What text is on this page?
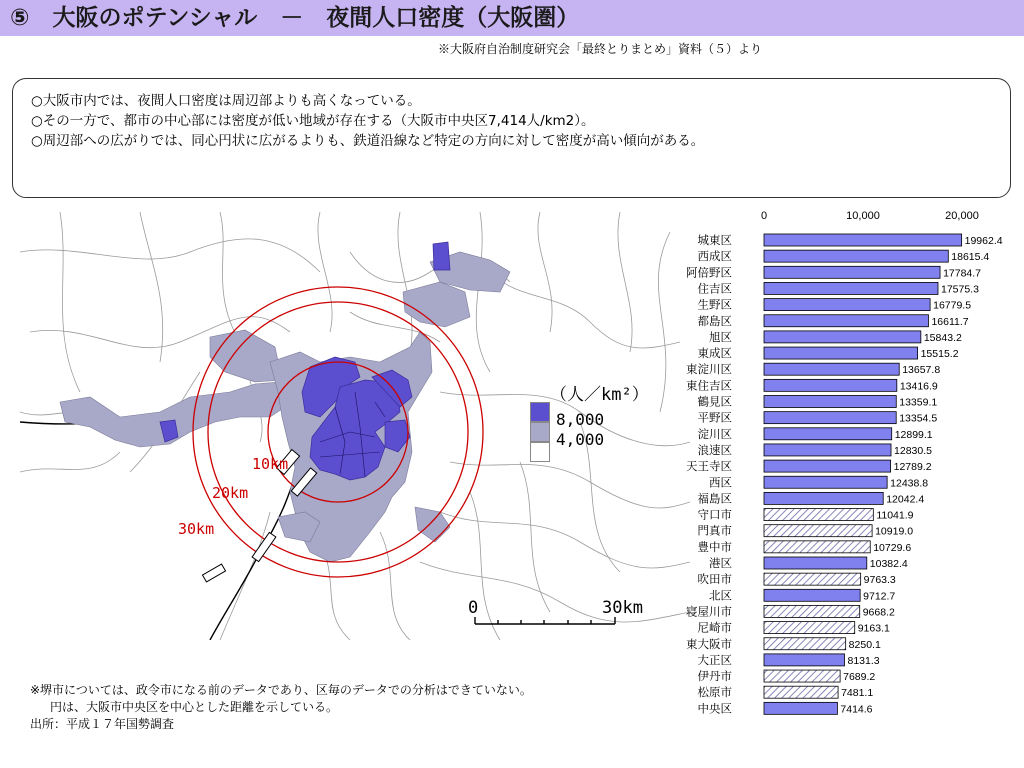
⑤　大阪のポテンシャル　－　夜間人口密度（大阪圏）
※大阪府自治制度研究会「最終とりまとめ」資料（５）より
○大阪市内では、夜間人口密度は周辺部よりも高くなっている。
○その一方で、都市の中心部には密度が低い地域が存在する（大阪市中央区7,414人/km2）。
○周辺部への広がりでは、同心円状に広がるよりも、鉄道沿線など特定の方向に対して密度が高い傾向がある。
（人／km²）
8,000
4,000
10km
20km
30km
0	30km
0	10,000	20,000
城東区	19962.4
西成区	18615.4
阿倍野区	17784.7
住吉区	17575.3
生野区	16779.5
都島区	16611.7
旭区	15843.2
東成区	15515.2
東淀川区	13657.8
東住吉区	13416.9
鶴見区	13359.1
平野区	13354.5
淀川区	12899.1
浪速区	12830.5
天王寺区	12789.2
西区	12438.8
福島区	12042.4
守口市	11041.9
門真市	10919.0
豊中市	10729.6
港区	10382.4
吹田市	9763.3
北区	9712.7
寝屋川市	9668.2
尼崎市	9163.1
東大阪市	8250.1
大正区	8131.3
伊丹市	7689.2
松原市	7481.1
中央区	7414.6
※堺市については、政令市になる前のデータであり、区毎のデータでの分析はできていない。
円は、大阪市中央区を中心とした距離を示している。
出所：平成１７年国勢調査
